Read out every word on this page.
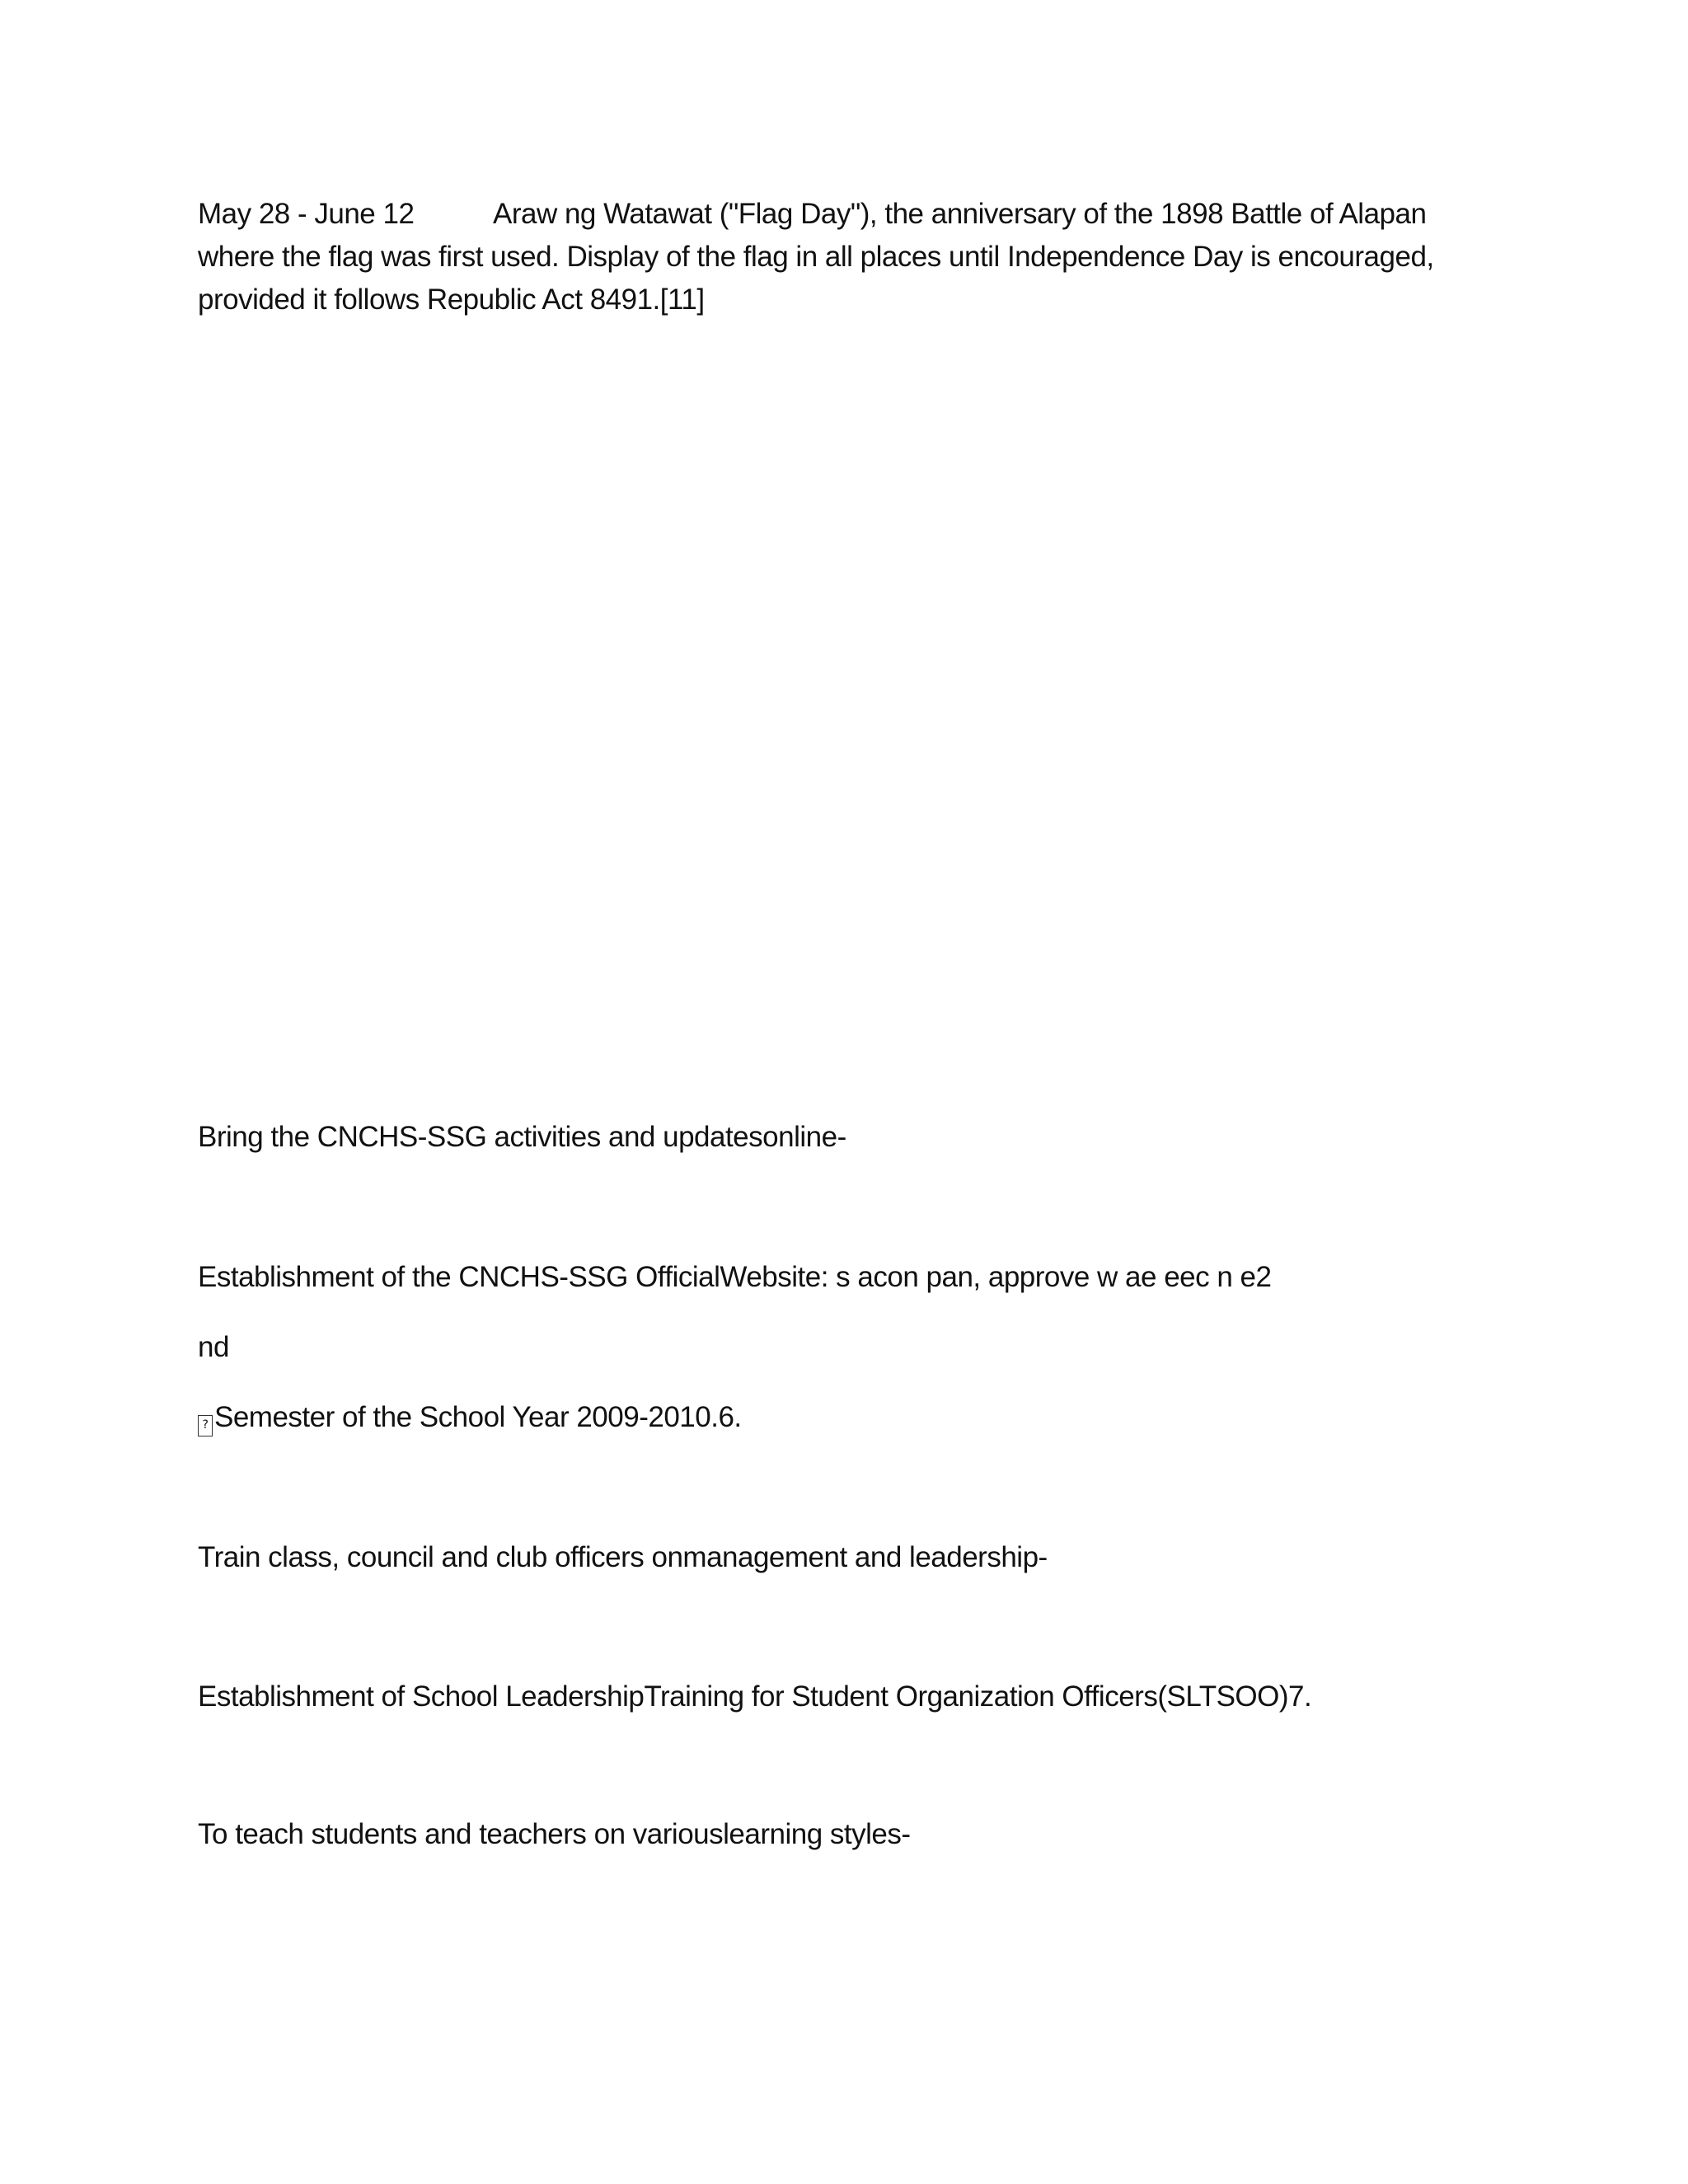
May 28 - June 12	Araw ng Watawat ("Flag Day"), the anniversary of the 1898 Battle of Alapan
where the flag was first used. Display of the flag in all places until Independence Day is encouraged,
provided it follows Republic Act 8491.[11]
Bring the CNCHS-SSG activities and updatesonline-
Establishment of the CNCHS-SSG OfficialWebsite: s acon pan, approve w ae eec n e2
nd
? Semester of the School Year 2009-2010.6.
Train class, council and club officers onmanagement and leadership-
Establishment of School LeadershipTraining for Student Organization Officers(SLTSOO)7.
To teach students and teachers on variouslearning styles-
